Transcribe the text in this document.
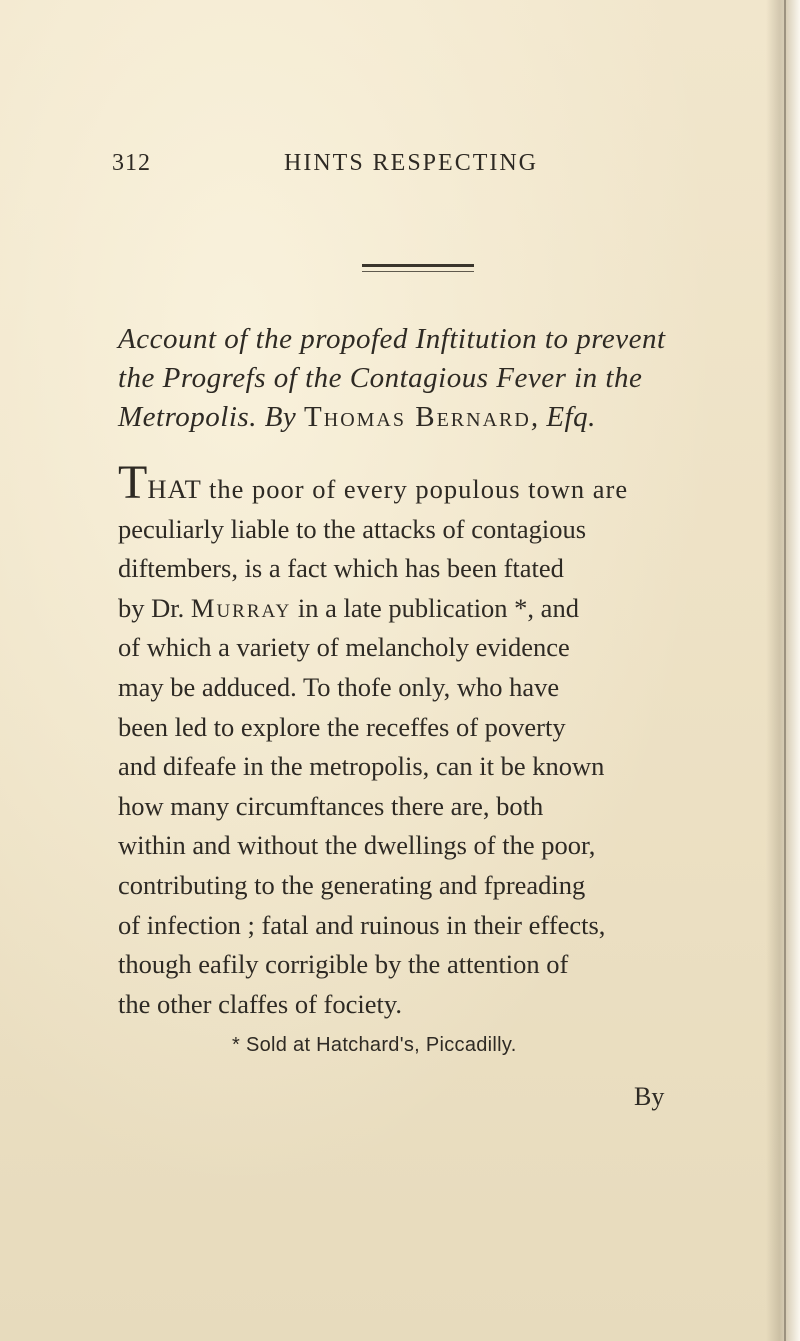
312	HINTS RESPECTING
Account of the propofed Inftitution to prevent
the Progrefs of the Contagious Fever in the
Metropolis. By Thomas Bernard, Efq.
THAT the poor of every populous town are
peculiarly liable to the attacks of contagious
diftembers, is a fact which has been ftated
by Dr. Murray in a late publication *, and
of which a variety of melancholy evidence
may be adduced. To thofe only, who have
been led to explore the receffes of poverty
and difeafe in the metropolis, can it be known
how many circumftances there are, both
within and without the dwellings of the poor,
contributing to the generating and fpreading
of infection ; fatal and ruinous in their effects,
though eafily corrigible by the attention of
the other claffes of fociety.
* Sold at Hatchard's, Piccadilly.
By
